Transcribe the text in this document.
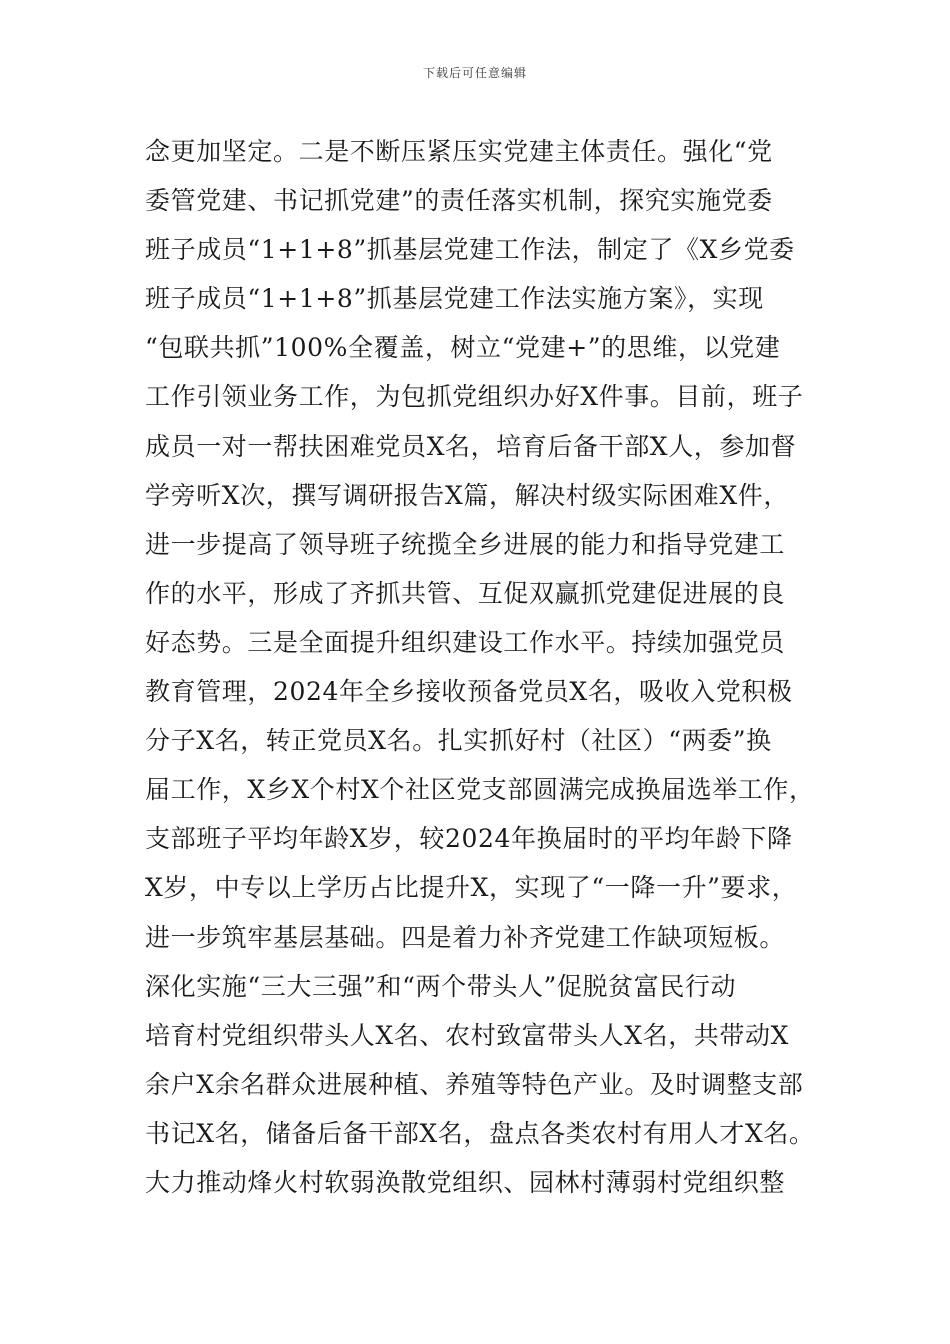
下载后可任意编辑
念更加坚定。二是不断压紧压实党建主体责任。强化“党
委管党建、书记抓党建”的责任落实机制，探究实施党委
班子成员“1+1+8”抓基层党建工作法，制定了《X乡党委
班子成员“1+1+8”抓基层党建工作法实施方案》，实现
“包联共抓”100%全覆盖，树立“党建+”的思维，以党建
工作引领业务工作，为包抓党组织办好X件事。目前，班子
成员一对一帮扶困难党员X名，培育后备干部X人，参加督
学旁听X次，撰写调研报告X篇，解决村级实际困难X件，
进一步提高了领导班子统揽全乡进展的能力和指导党建工
作的水平，形成了齐抓共管、互促双赢抓党建促进展的良
好态势。三是全面提升组织建设工作水平。持续加强党员
教育管理，2024年全乡接收预备党员X名，吸收入党积极
分子X名，转正党员X名。扎实抓好村（社区）“两委”换
届工作，X乡X个村X个社区党支部圆满完成换届选举工作，
支部班子平均年龄X岁，较2024年换届时的平均年龄下降
X岁，中专以上学历占比提升X，实现了“一降一升”要求，
进一步筑牢基层基础。四是着力补齐党建工作缺项短板。
深化实施“三大三强”和“两个带头人”促脱贫富民行动
培育村党组织带头人X名、农村致富带头人X名，共带动X
余户X余名群众进展种植、养殖等特色产业。及时调整支部
书记X名，储备后备干部X名，盘点各类农村有用人才X名。
大力推动烽火村软弱涣散党组织、园林村薄弱村党组织整
